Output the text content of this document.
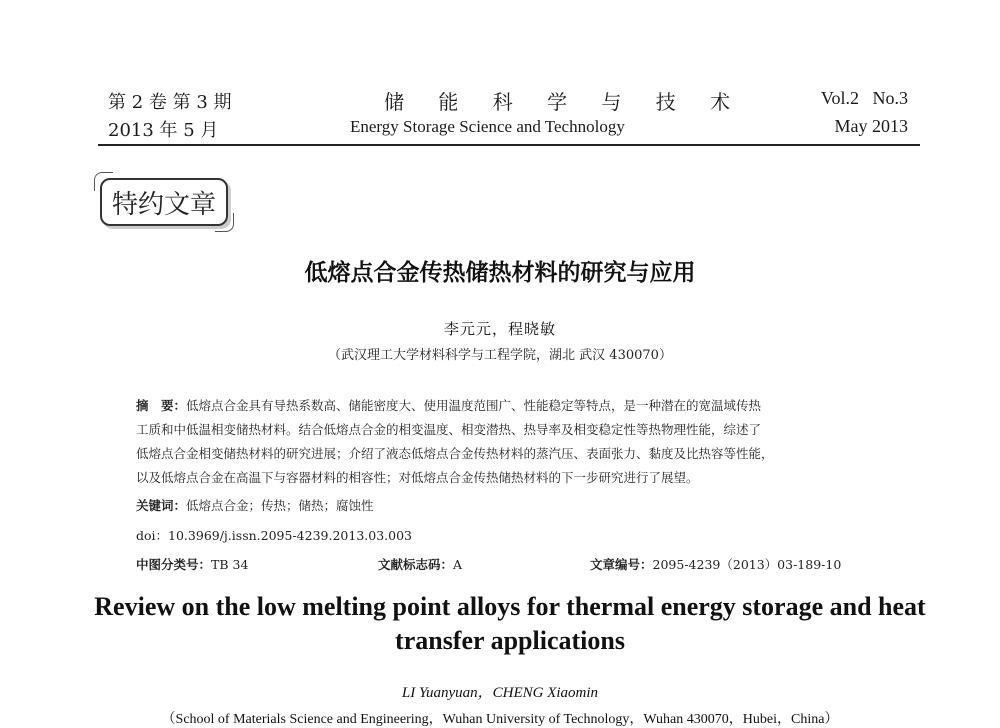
第 2 卷 第 3 期
2013 年 5 月
储 能 科 学 与 技 术
Energy Storage Science and Technology
Vol.2   No.3
May 2013
特约文章
低熔点合金传热储热材料的研究与应用
李元元，程晓敏
（武汉理工大学材料科学与工程学院，湖北 武汉 430070）
摘　要：低熔点合金具有导热系数高、储能密度大、使用温度范围广、性能稳定等特点，是一种潜在的宽温域传热
工质和中低温相变储热材料。结合低熔点合金的相变温度、相变潜热、热导率及相变稳定性等热物理性能，综述了
低熔点合金相变储热材料的研究进展；介绍了液态低熔点合金传热材料的蒸汽压、表面张力、黏度及比热容等性能，
以及低熔点合金在高温下与容器材料的相容性；对低熔点合金传热储热材料的下一步研究进行了展望。
关键词：低熔点合金；传热；储热；腐蚀性
doi：10.3969/j.issn.2095-4239.2013.03.003
中图分类号：TB 34	文献标志码：A	文章编号：2095-4239（2013）03-189-10
Review on the low melting point alloys for thermal energy storage and heat transfer applications
LI Yuanyuan，CHENG Xiaomin
（School of Materials Science and Engineering，Wuhan University of Technology，Wuhan 430070，Hubei，China）
